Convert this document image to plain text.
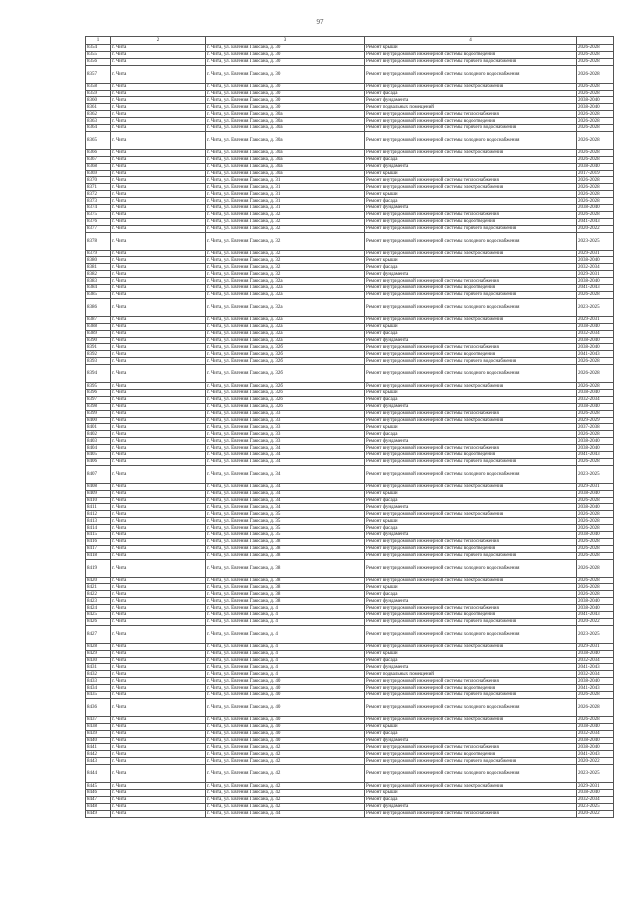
97
1	2	3	4	
8354	г. Чита	г. Чита, ул. Евгения Гаюсана, д. 30	Ремонт крыши	2026-2028
8355	г. Чита	г. Чита, ул. Евгения Гаюсана, д. 30	Ремонт внутридомовой инженерной системы водоотведения	2026-2028
8356	г. Чита	г. Чита, ул. Евгения Гаюсана, д. 30	Ремонт внутридомовой инженерной системы горячего водоснабжения	2026-2028
8357	г. Чита	г. Чита, ул. Евгения Гаюсана, д. 30	Ремонт внутридомовой инженерной системы холодного водоснабжения	2026-2028
8358	г. Чита	г. Чита, ул. Евгения Гаюсана, д. 30	Ремонт внутридомовой инженерной системы электроснабжения	2026-2028
8359	г. Чита	г. Чита, ул. Евгения Гаюсана, д. 30	Ремонт фасада	2026-2028
8360	г. Чита	г. Чита, ул. Евгения Гаюсана, д. 30	Ремонт фундамента	2038-2040
8361	г. Чита	г. Чита, ул. Евгения Гаюсана, д. 30	Ремонт подвальных помещений	2038-2040
8362	г. Чита	г. Чита, ул. Евгения Гаюсана, д. 30а	Ремонт внутридомовой инженерной системы теплоснабжения	2026-2028
8363	г. Чита	г. Чита, ул. Евгения Гаюсана, д. 30а	Ремонт внутридомовой инженерной системы водоотведения	2026-2028
8364	г. Чита	г. Чита, ул. Евгения Гаюсана, д. 30а	Ремонт внутридомовой инженерной системы горячего водоснабжения	2026-2028
8365	г. Чита	г. Чита, ул. Евгения Гаюсана, д. 30а	Ремонт внутридомовой инженерной системы холодного водоснабжения	2026-2028
8366	г. Чита	г. Чита, ул. Евгения Гаюсана, д. 30а	Ремонт внутридомовой инженерной системы электроснабжения	2026-2028
8367	г. Чита	г. Чита, ул. Евгения Гаюсана, д. 30а	Ремонт фасада	2026-2028
8368	г. Чита	г. Чита, ул. Евгения Гаюсана, д. 30а	Ремонт фундамента	2038-2040
8369	г. Чита	г. Чита, ул. Евгения Гаюсана, д. 30а	Ремонт крыши	2017-2019
8370	г. Чита	г. Чита, ул. Евгения Гаюсана, д. 31	Ремонт внутридомовой инженерной системы теплоснабжения	2026-2028
8371	г. Чита	г. Чита, ул. Евгения Гаюсана, д. 31	Ремонт внутридомовой инженерной системы электроснабжения	2026-2028
8372	г. Чита	г. Чита, ул. Евгения Гаюсана, д. 31	Ремонт крыши	2026-2028
8373	г. Чита	г. Чита, ул. Евгения Гаюсана, д. 31	Ремонт фасада	2026-2028
8374	г. Чита	г. Чита, ул. Евгения Гаюсана, д. 31	Ремонт фундамента	2038-2040
8375	г. Чита	г. Чита, ул. Евгения Гаюсана, д. 32	Ремонт внутридомовой инженерной системы теплоснабжения	2026-2028
8376	г. Чита	г. Чита, ул. Евгения Гаюсана, д. 32	Ремонт внутридомовой инженерной системы водоотведения	2041-2043
8377	г. Чита	г. Чита, ул. Евгения Гаюсана, д. 32	Ремонт внутридомовой инженерной системы горячего водоснабжения	2020-2022
8378	г. Чита	г. Чита, ул. Евгения Гаюсана, д. 32	Ремонт внутридомовой инженерной системы холодного водоснабжения	2023-2025
8379	г. Чита	г. Чита, ул. Евгения Гаюсана, д. 32	Ремонт внутридомовой инженерной системы электроснабжения	2029-2031
8380	г. Чита	г. Чита, ул. Евгения Гаюсана, д. 32	Ремонт крыши	2038-2040
8381	г. Чита	г. Чита, ул. Евгения Гаюсана, д. 32	Ремонт фасада	2032-2034
8382	г. Чита	г. Чита, ул. Евгения Гаюсана, д. 32	Ремонт фундамента	2029-2031
8383	г. Чита	г. Чита, ул. Евгения Гаюсана, д. 32а	Ремонт внутридомовой инженерной системы теплоснабжения	2038-2040
8384	г. Чита	г. Чита, ул. Евгения Гаюсана, д. 32а	Ремонт внутридомовой инженерной системы водоотведения	2041-2043
8385	г. Чита	г. Чита, ул. Евгения Гаюсана, д. 32а	Ремонт внутридомовой инженерной системы горячего водоснабжения	2026-2028
8386	г. Чита	г. Чита, ул. Евгения Гаюсана, д. 32а	Ремонт внутридомовой инженерной системы холодного водоснабжения	2023-2025
8387	г. Чита	г. Чита, ул. Евгения Гаюсана, д. 32а	Ремонт внутридомовой инженерной системы электроснабжения	2029-2031
8388	г. Чита	г. Чита, ул. Евгения Гаюсана, д. 32а	Ремонт крыши	2038-2040
8389	г. Чита	г. Чита, ул. Евгения Гаюсана, д. 32а	Ремонт фасада	2032-2034
8390	г. Чита	г. Чита, ул. Евгения Гаюсана, д. 32а	Ремонт фундамента	2038-2040
8391	г. Чита	г. Чита, ул. Евгения Гаюсана, д. 32б	Ремонт внутридомовой инженерной системы теплоснабжения	2038-2040
8392	г. Чита	г. Чита, ул. Евгения Гаюсана, д. 32б	Ремонт внутридомовой инженерной системы водоотведения	2041-2043
8393	г. Чита	г. Чита, ул. Евгения Гаюсана, д. 32б	Ремонт внутридомовой инженерной системы горячего водоснабжения	2026-2028
8394	г. Чита	г. Чита, ул. Евгения Гаюсана, д. 32б	Ремонт внутридомовой инженерной системы холодного водоснабжения	2026-2028
8395	г. Чита	г. Чита, ул. Евгения Гаюсана, д. 32б	Ремонт внутридомовой инженерной системы электроснабжения	2026-2028
8396	г. Чита	г. Чита, ул. Евгения Гаюсана, д. 32б	Ремонт крыши	2038-2040
8397	г. Чита	г. Чита, ул. Евгения Гаюсана, д. 32б	Ремонт фасада	2032-2034
8398	г. Чита	г. Чита, ул. Евгения Гаюсана, д. 32б	Ремонт фундамента	2038-2040
8399	г. Чита	г. Чита, ул. Евгения Гаюсана, д. 33	Ремонт внутридомовой инженерной системы теплоснабжения	2026-2028
8400	г. Чита	г. Чита, ул. Евгения Гаюсана, д. 33	Ремонт внутридомовой инженерной системы электроснабжения	2029-2029
8401	г. Чита	г. Чита, ул. Евгения Гаюсана, д. 33	Ремонт крыши	2037-2038
8402	г. Чита	г. Чита, ул. Евгения Гаюсана, д. 33	Ремонт фасада	2026-2028
8403	г. Чита	г. Чита, ул. Евгения Гаюсана, д. 33	Ремонт фундамента	2038-2040
8404	г. Чита	г. Чита, ул. Евгения Гаюсана, д. 34	Ремонт внутридомовой инженерной системы теплоснабжения	2038-2040
8405	г. Чита	г. Чита, ул. Евгения Гаюсана, д. 34	Ремонт внутридомовой инженерной системы водоотведения	2041-2043
8406	г. Чита	г. Чита, ул. Евгения Гаюсана, д. 34	Ремонт внутридомовой инженерной системы горячего водоснабжения	2026-2028
8407	г. Чита	г. Чита, ул. Евгения Гаюсана, д. 34	Ремонт внутридомовой инженерной системы холодного водоснабжения	2023-2025
8408	г. Чита	г. Чита, ул. Евгения Гаюсана, д. 34	Ремонт внутридомовой инженерной системы электроснабжения	2029-2031
8409	г. Чита	г. Чита, ул. Евгения Гаюсана, д. 34	Ремонт крыши	2038-2040
8410	г. Чита	г. Чита, ул. Евгения Гаюсана, д. 34	Ремонт фасада	2026-2028
8411	г. Чита	г. Чита, ул. Евгения Гаюсана, д. 34	Ремонт фундамента	2038-2040
8412	г. Чита	г. Чита, ул. Евгения Гаюсана, д. 35	Ремонт внутридомовой инженерной системы электроснабжения	2026-2028
8413	г. Чита	г. Чита, ул. Евгения Гаюсана, д. 35	Ремонт крыши	2026-2028
8414	г. Чита	г. Чита, ул. Евгения Гаюсана, д. 35	Ремонт фасада	2026-2028
8415	г. Чита	г. Чита, ул. Евгения Гаюсана, д. 35	Ремонт фундамента	2038-2040
8416	г. Чита	г. Чита, ул. Евгения Гаюсана, д. 38	Ремонт внутридомовой инженерной системы теплоснабжения	2026-2028
8417	г. Чита	г. Чита, ул. Евгения Гаюсана, д. 38	Ремонт внутридомовой инженерной системы водоотведения	2026-2028
8418	г. Чита	г. Чита, ул. Евгения Гаюсана, д. 38	Ремонт внутридомовой инженерной системы горячего водоснабжения	2026-2028
8419	г. Чита	г. Чита, ул. Евгения Гаюсана, д. 38	Ремонт внутридомовой инженерной системы холодного водоснабжения	2026-2028
8420	г. Чита	г. Чита, ул. Евгения Гаюсана, д. 38	Ремонт внутридомовой инженерной системы электроснабжения	2026-2028
8421	г. Чита	г. Чита, ул. Евгения Гаюсана, д. 38	Ремонт крыши	2026-2028
8422	г. Чита	г. Чита, ул. Евгения Гаюсана, д. 38	Ремонт фасада	2026-2028
8423	г. Чита	г. Чита, ул. Евгения Гаюсана, д. 38	Ремонт фундамента	2038-2040
8424	г. Чита	г. Чита, ул. Евгения Гаюсана, д. 4	Ремонт внутридомовой инженерной системы теплоснабжения	2038-2040
8425	г. Чита	г. Чита, ул. Евгения Гаюсана, д. 4	Ремонт внутридомовой инженерной системы водоотведения	2041-2043
8426	г. Чита	г. Чита, ул. Евгения Гаюсана, д. 4	Ремонт внутридомовой инженерной системы горячего водоснабжения	2020-2022
8427	г. Чита	г. Чита, ул. Евгения Гаюсана, д. 4	Ремонт внутридомовой инженерной системы холодного водоснабжения	2023-2025
8428	г. Чита	г. Чита, ул. Евгения Гаюсана, д. 4	Ремонт внутридомовой инженерной системы электроснабжения	2029-2031
8429	г. Чита	г. Чита, ул. Евгения Гаюсана, д. 4	Ремонт крыши	2038-2040
8430	г. Чита	г. Чита, ул. Евгения Гаюсана, д. 4	Ремонт фасада	2032-2034
8431	г. Чита	г. Чита, ул. Евгения Гаюсана, д. 4	Ремонт фундамента	2041-2043
8432	г. Чита	г. Чита, ул. Евгения Гаюсана, д. 4	Ремонт подвальных помещений	2032-2034
8433	г. Чита	г. Чита, ул. Евгения Гаюсана, д. 40	Ремонт внутридомовой инженерной системы теплоснабжения	2038-2040
8434	г. Чита	г. Чита, ул. Евгения Гаюсана, д. 40	Ремонт внутридомовой инженерной системы водоотведения	2041-2043
8435	г. Чита	г. Чита, ул. Евгения Гаюсана, д. 40	Ремонт внутридомовой инженерной системы горячего водоснабжения	2026-2028
8436	г. Чита	г. Чита, ул. Евгения Гаюсана, д. 40	Ремонт внутридомовой инженерной системы холодного водоснабжения	2026-2028
8437	г. Чита	г. Чита, ул. Евгения Гаюсана, д. 40	Ремонт внутридомовой инженерной системы электроснабжения	2026-2028
8438	г. Чита	г. Чита, ул. Евгения Гаюсана, д. 40	Ремонт крыши	2038-2040
8439	г. Чита	г. Чита, ул. Евгения Гаюсана, д. 40	Ремонт фасада	2032-2034
8440	г. Чита	г. Чита, ул. Евгения Гаюсана, д. 40	Ремонт фундамента	2038-2040
8441	г. Чита	г. Чита, ул. Евгения Гаюсана, д. 42	Ремонт внутридомовой инженерной системы теплоснабжения	2038-2040
8442	г. Чита	г. Чита, ул. Евгения Гаюсана, д. 42	Ремонт внутридомовой инженерной системы водоотведения	2041-2043
8443	г. Чита	г. Чита, ул. Евгения Гаюсана, д. 42	Ремонт внутридомовой инженерной системы горячего водоснабжения	2020-2022
8444	г. Чита	г. Чита, ул. Евгения Гаюсана, д. 42	Ремонт внутридомовой инженерной системы холодного водоснабжения	2023-2025
8445	г. Чита	г. Чита, ул. Евгения Гаюсана, д. 42	Ремонт внутридомовой инженерной системы электроснабжения	2029-2031
8446	г. Чита	г. Чита, ул. Евгения Гаюсана, д. 42	Ремонт крыши	2038-2040
8447	г. Чита	г. Чита, ул. Евгения Гаюсана, д. 42	Ремонт фасада	2032-2034
8448	г. Чита	г. Чита, ул. Евгения Гаюсана, д. 42	Ремонт фундамента	2023-2025
8449	г. Чита	г. Чита, ул. Евгения Гаюсана, д. 44	Ремонт внутридомовой инженерной системы теплоснабжения	2020-2022
